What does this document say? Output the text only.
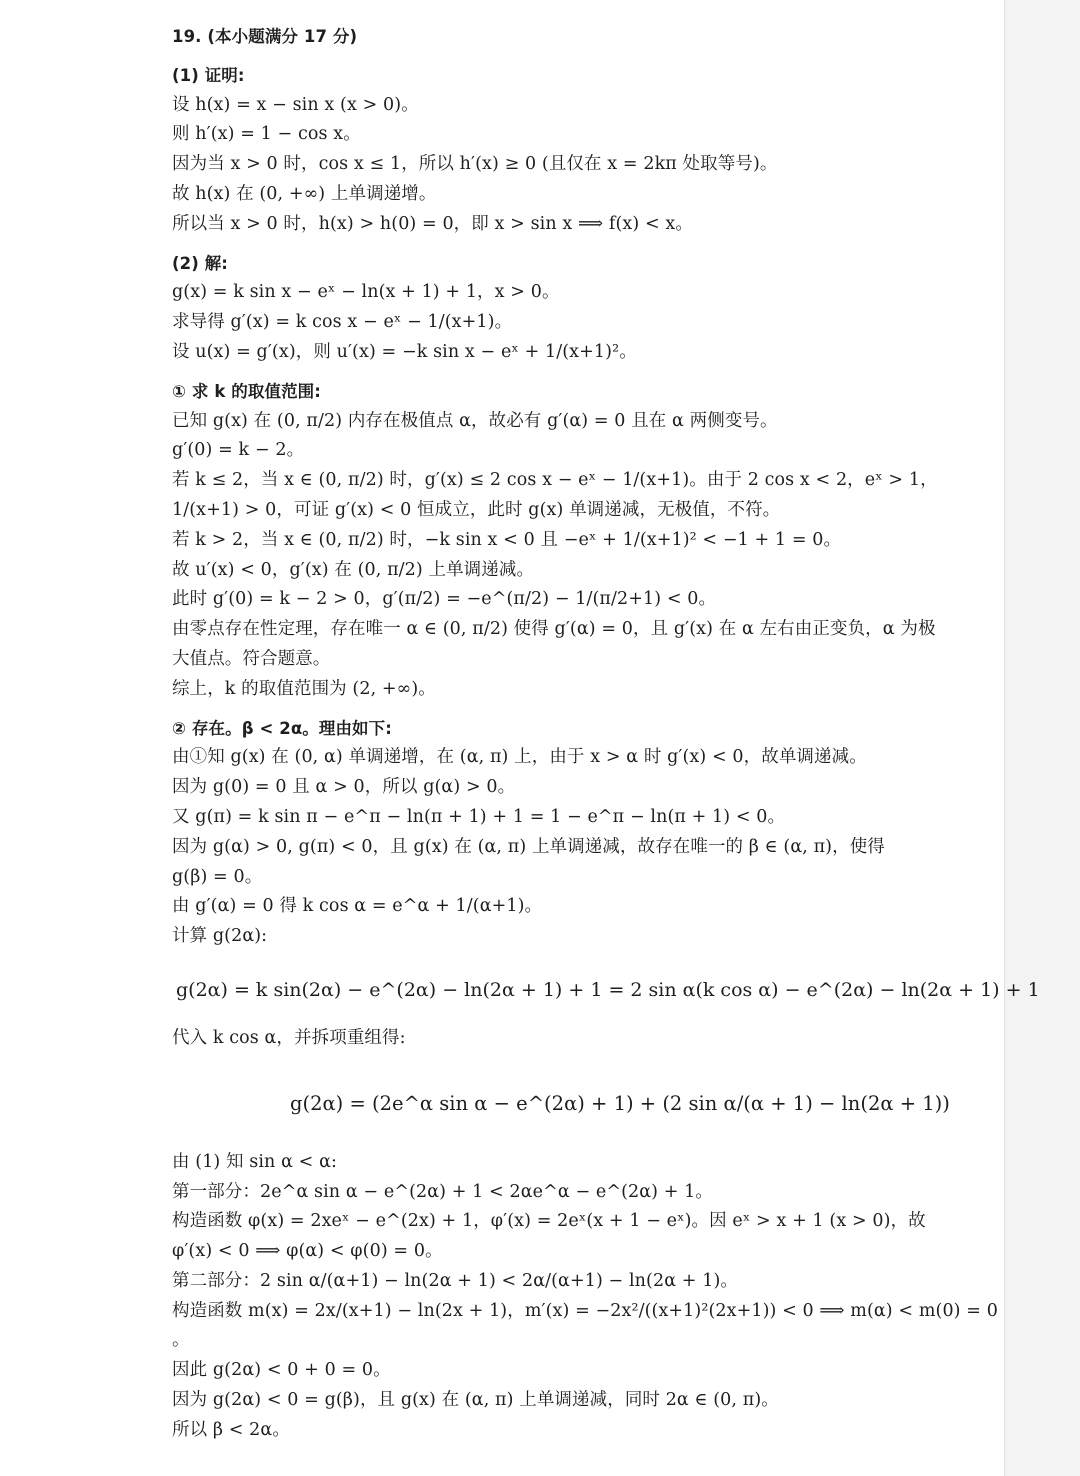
19. (本小题满分 17 分)
(1) 证明:
设 h(x) = x − sin x (x > 0)。
则 h′(x) = 1 − cos x。
因为当 x > 0 时，cos x ≤ 1，所以 h′(x) ≥ 0 (且仅在 x = 2kπ 处取等号)。
故 h(x) 在 (0, +∞) 上单调递增。
所以当 x > 0 时，h(x) > h(0) = 0，即 x > sin x ⟹ f(x) < x。
(2) 解:
g(x) = k sin x − eˣ − ln(x + 1) + 1，x > 0。
求导得 g′(x) = k cos x − eˣ − 1/(x+1)。
设 u(x) = g′(x)，则 u′(x) = −k sin x − eˣ + 1/(x+1)²。
① 求 k 的取值范围:
已知 g(x) 在 (0, π/2) 内存在极值点 α，故必有 g′(α) = 0 且在 α 两侧变号。
g′(0) = k − 2。
若 k ≤ 2，当 x ∈ (0, π/2) 时，g′(x) ≤ 2 cos x − eˣ − 1/(x+1)。由于 2 cos x < 2，eˣ > 1，
1/(x+1) > 0，可证 g′(x) < 0 恒成立，此时 g(x) 单调递减，无极值，不符。
若 k > 2，当 x ∈ (0, π/2) 时，−k sin x < 0 且 −eˣ + 1/(x+1)² < −1 + 1 = 0。
故 u′(x) < 0，g′(x) 在 (0, π/2) 上单调递减。
此时 g′(0) = k − 2 > 0，g′(π/2) = −e^(π/2) − 1/(π/2+1) < 0。
由零点存在性定理，存在唯一 α ∈ (0, π/2) 使得 g′(α) = 0，且 g′(x) 在 α 左右由正变负，α 为极
大值点。符合题意。
综上，k 的取值范围为 (2, +∞)。
② 存在。β < 2α。理由如下:
由①知 g(x) 在 (0, α) 单调递增，在 (α, π) 上，由于 x > α 时 g′(x) < 0，故单调递减。
因为 g(0) = 0 且 α > 0，所以 g(α) > 0。
又 g(π) = k sin π − e^π − ln(π + 1) + 1 = 1 − e^π − ln(π + 1) < 0。
因为 g(α) > 0, g(π) < 0，且 g(x) 在 (α, π) 上单调递减，故存在唯一的 β ∈ (α, π)，使得
g(β) = 0。
由 g′(α) = 0 得 k cos α = e^α + 1/(α+1)。
计算 g(2α):
g(2α) = k sin(2α) − e^(2α) − ln(2α + 1) + 1 = 2 sin α(k cos α) − e^(2α) − ln(2α + 1) + 1
代入 k cos α，并拆项重组得:
g(2α) = (2e^α sin α − e^(2α) + 1) + (2 sin α/(α + 1) − ln(2α + 1))
由 (1) 知 sin α < α:
第一部分：2e^α sin α − e^(2α) + 1 < 2αe^α − e^(2α) + 1。
构造函数 φ(x) = 2xeˣ − e^(2x) + 1，φ′(x) = 2eˣ(x + 1 − eˣ)。因 eˣ > x + 1 (x > 0)，故
φ′(x) < 0 ⟹ φ(α) < φ(0) = 0。
第二部分：2 sin α/(α+1) − ln(2α + 1) < 2α/(α+1) − ln(2α + 1)。
构造函数 m(x) = 2x/(x+1) − ln(2x + 1)，m′(x) = −2x²/((x+1)²(2x+1)) < 0 ⟹ m(α) < m(0) = 0
。
因此 g(2α) < 0 + 0 = 0。
因为 g(2α) < 0 = g(β)，且 g(x) 在 (α, π) 上单调递减，同时 2α ∈ (0, π)。
所以 β < 2α。
